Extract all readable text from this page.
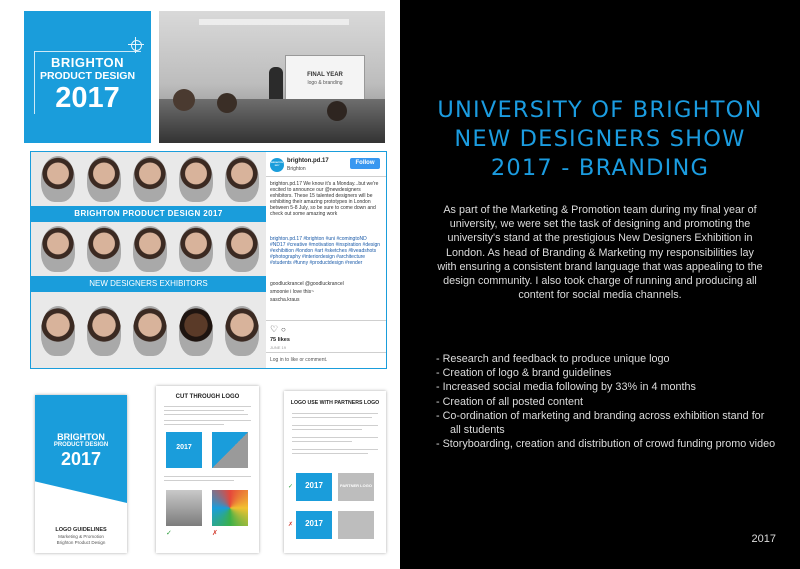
BRIGHTON
PRODUCT DESIGN
2017
FINAL YEAR
logo & branding
BRIGHTON PRODUCT DESIGN 2017
NEW DESIGNERS EXHIBITORS
BRIGHTON 2017
brighton.pd.17
Brighton
Follow
brighton.pd.17 We know it's a Monday...but we're excited to announce our @newdesigners exhibitors. These 15 talented designers will be exhibiting their amazing prototypes in London between 5-8 July, so be sure to come down and check out some amazing work
brighton.pd.17 #brighton #uni #comingtoND #ND17 #creative #motivation #inspiration #design #exhibition #london #art #sketches #liveadshots #photography #interiordesign #architecture #students #funny #productdesign #render
goodluckrancel @goodluckrancel
smoonie i love this~
sascha.kraus
♡ ○
75 likes
JUNE 19
Log in to like or comment.
BRIGHTON
PRODUCT DESIGN
2017
LOGO GUIDELINES
Marketing & Promotion
Brighton Product Design
CUT THROUGH LOGO
2017
✓	✗
LOGO USE WITH PARTNERS LOGO
2017	PARTNER LOGO
2017
✓
✗
UNIVERSITY OF BRIGHTON
NEW DESIGNERS SHOW
2017 - BRANDING
As part of the Marketing & Promotion team during my final year of university, we were set the task of designing and promoting the university's stand at the prestigious New Designers Exhibition in London. As head of Branding & Marketing my responsibilities lay with ensuring a consistent brand language that was appealing to the design community. I also took charge of running and producing all content for social media channels.
- Research and feedback to produce unique logo
- Creation of logo & brand guidelines
- Increased social media following by 33% in 4 months
- Creation of all posted content
- Co-ordination of marketing and branding across exhibition stand for all students
- Storyboarding, creation and distribution of crowd funding promo video
2017
